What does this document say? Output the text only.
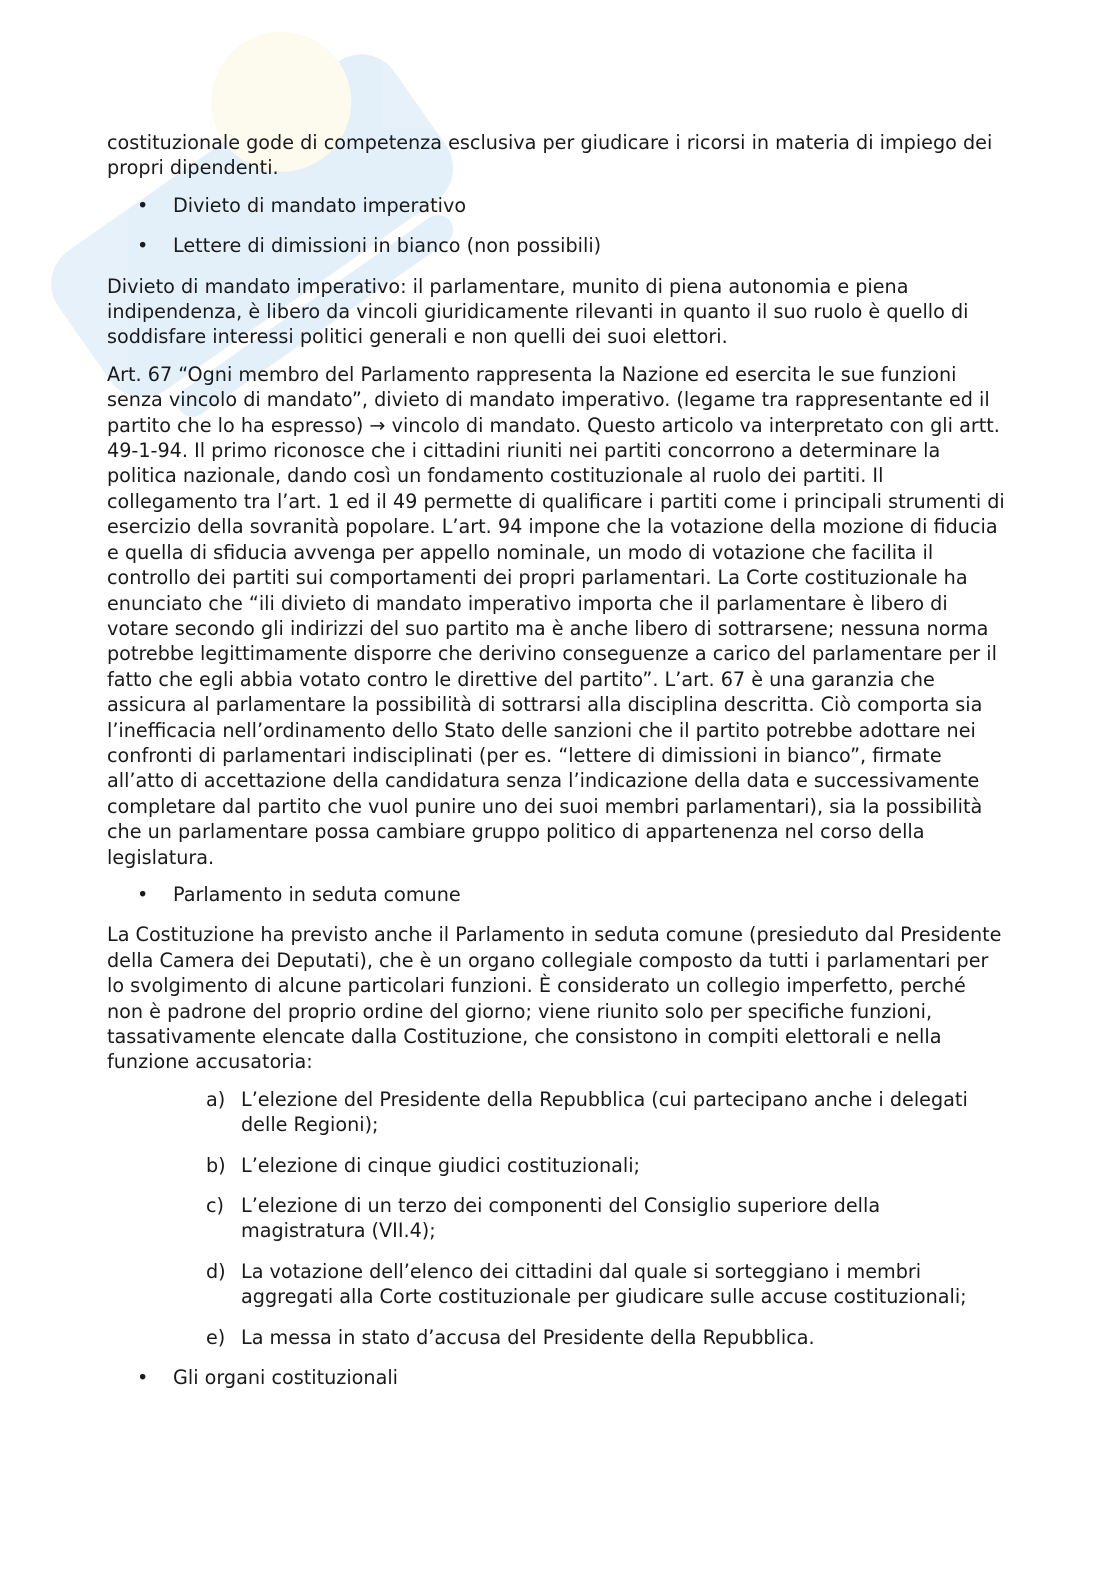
costituzionale gode di competenza esclusiva per giudicare i ricorsi in materia di impiego dei propri dipendenti.

• Divieto di mandato imperativo
• Lettere di dimissioni in bianco (non possibili)

Divieto di mandato imperativo: il parlamentare, munito di piena autonomia e piena indipendenza, è libero da vincoli giuridicamente rilevanti in quanto il suo ruolo è quello di soddisfare interessi politici generali e non quelli dei suoi elettori.

Art. 67 “Ogni membro del Parlamento rappresenta la Nazione ed esercita le sue funzioni senza vincolo di mandato”, divieto di mandato imperativo. (legame tra rappresentante ed il partito che lo ha espresso) → vincolo di mandato. Questo articolo va interpretato con gli artt. 49-1-94. Il primo riconosce che i cittadini riuniti nei partiti concorrono a determinare la politica nazionale, dando così un fondamento costituzionale al ruolo dei partiti. Il collegamento tra l’art. 1 ed il 49 permette di qualificare i partiti come i principali strumenti di esercizio della sovranità popolare. L’art. 94 impone che la votazione della mozione di fiducia e quella di sfiducia avvenga per appello nominale, un modo di votazione che facilita il controllo dei partiti sui comportamenti dei propri parlamentari. La Corte costituzionale ha enunciato che “ili divieto di mandato imperativo importa che il parlamentare è libero di votare secondo gli indirizzi del suo partito ma è anche libero di sottrarsene; nessuna norma potrebbe legittimamente disporre che derivino conseguenze a carico del parlamentare per il fatto che egli abbia votato contro le direttive del partito”. L’art. 67 è una garanzia che assicura al parlamentare la possibilità di sottrarsi alla disciplina descritta. Ciò comporta sia l’inefficacia nell’ordinamento dello Stato delle sanzioni che il partito potrebbe adottare nei confronti di parlamentari indisciplinati (per es. “lettere di dimissioni in bianco”, firmate all’atto di accettazione della candidatura senza l’indicazione della data e successivamente completare dal partito che vuol punire uno dei suoi membri parlamentari), sia la possibilità che un parlamentare possa cambiare gruppo politico di appartenenza nel corso della legislatura.

• Parlamento in seduta comune

La Costituzione ha previsto anche il Parlamento in seduta comune (presieduto dal Presidente della Camera dei Deputati), che è un organo collegiale composto da tutti i parlamentari per lo svolgimento di alcune particolari funzioni. È considerato un collegio imperfetto, perché non è padrone del proprio ordine del giorno; viene riunito solo per specifiche funzioni, tassativamente elencate dalla Costituzione, che consistono in compiti elettorali e nella funzione accusatoria:

a) L’elezione del Presidente della Repubblica (cui partecipano anche i delegati delle Regioni);
b) L’elezione di cinque giudici costituzionali;
c) L’elezione di un terzo dei componenti del Consiglio superiore della magistratura (VII.4);
d) La votazione dell’elenco dei cittadini dal quale si sorteggiano i membri aggregati alla Corte costituzionale per giudicare sulle accuse costituzionali;
e) La messa in stato d’accusa del Presidente della Repubblica.
• Gli organi costituzionali
